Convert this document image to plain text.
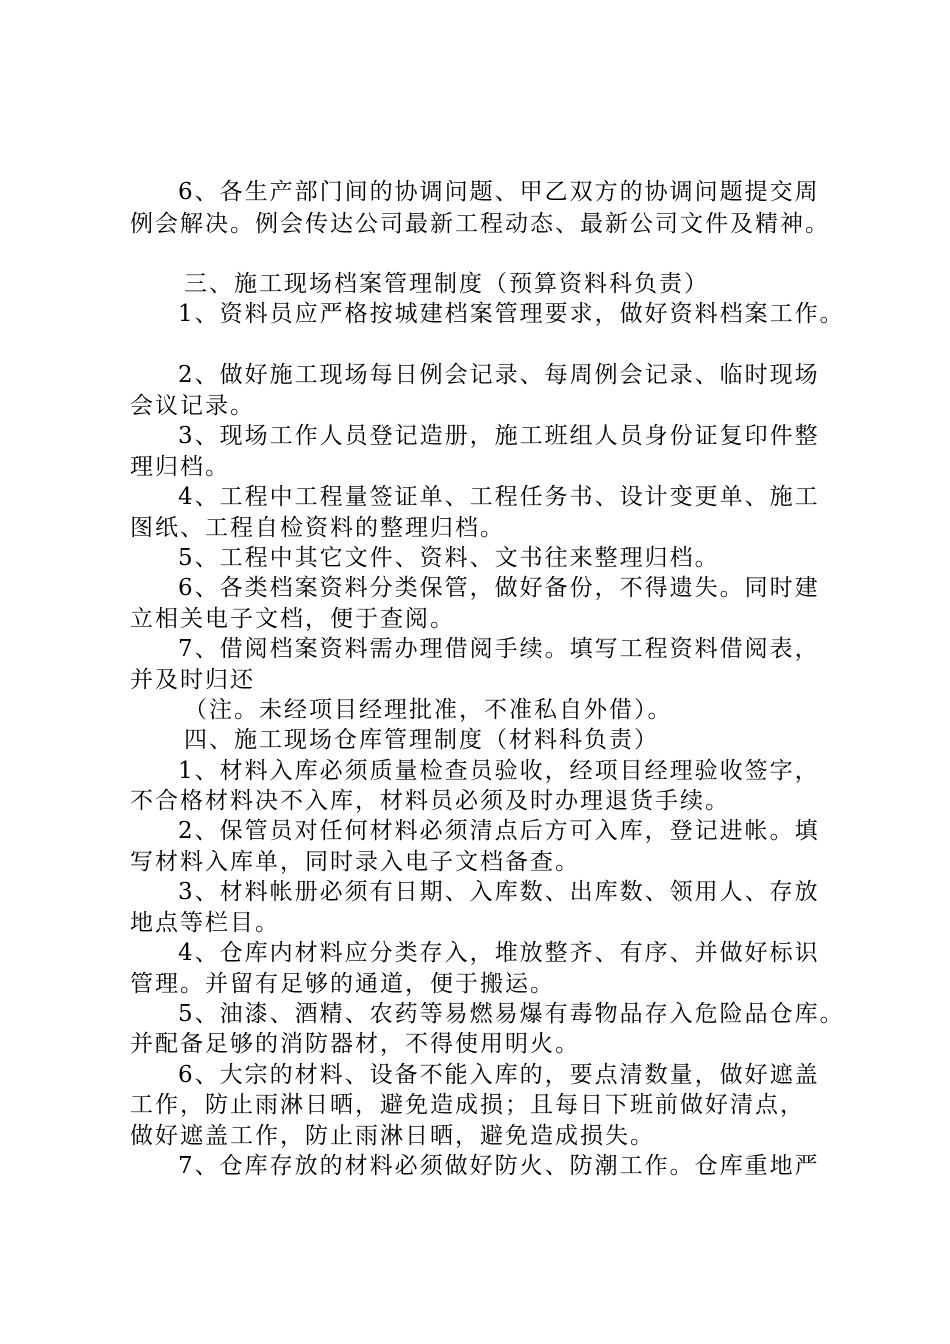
6、各生产部门间的协调问题、甲乙双方的协调问题提交周
例会解决。例会传达公司最新工程动态、最新公司文件及精神。
三、施工现场档案管理制度（预算资料科负责）
1、资料员应严格按城建档案管理要求，做好资料档案工作。
2、做好施工现场每日例会记录、每周例会记录、临时现场
会议记录。
3、现场工作人员登记造册，施工班组人员身份证复印件整
理归档。
4、工程中工程量签证单、工程任务书、设计变更单、施工
图纸、工程自检资料的整理归档。
5、工程中其它文件、资料、文书往来整理归档。
6、各类档案资料分类保管，做好备份，不得遗失。同时建
立相关电子文档，便于查阅。
7、借阅档案资料需办理借阅手续。填写工程资料借阅表，
并及时归还
（注。未经项目经理批准，不准私自外借）。
四、施工现场仓库管理制度（材料科负责）
1、材料入库必须质量检查员验收，经项目经理验收签字，
不合格材料决不入库，材料员必须及时办理退货手续。
2、保管员对任何材料必须清点后方可入库，登记进帐。填
写材料入库单，同时录入电子文档备查。
3、材料帐册必须有日期、入库数、出库数、领用人、存放
地点等栏目。
4、仓库内材料应分类存入，堆放整齐、有序、并做好标识
管理。并留有足够的通道，便于搬运。
5、油漆、酒精、农药等易燃易爆有毒物品存入危险品仓库。
并配备足够的消防器材，不得使用明火。
6、大宗的材料、设备不能入库的，要点清数量，做好遮盖
工作，防止雨淋日晒，避免造成损；且每日下班前做好清点，
做好遮盖工作，防止雨淋日晒，避免造成损失。
7、仓库存放的材料必须做好防火、防潮工作。仓库重地严
